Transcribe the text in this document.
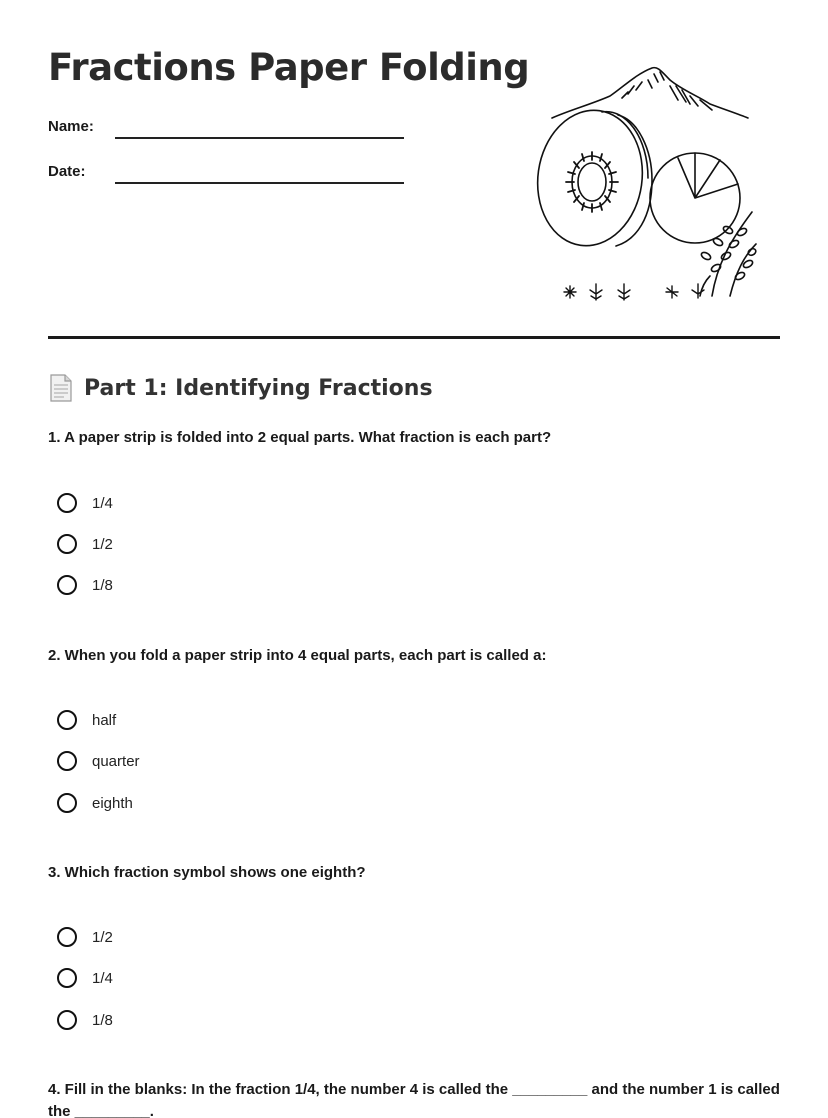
Fractions Paper Folding
Name:
Date:
Part 1: Identifying Fractions
1. A paper strip is folded into 2 equal parts. What fraction is each part?
1/4
1/2
1/8
2. When you fold a paper strip into 4 equal parts, each part is called a:
half
quarter
eighth
3. Which fraction symbol shows one eighth?
1/2
1/4
1/8
4. Fill in the blanks: In the fraction 1/4, the number 4 is called the _________ and the number 1 is called the _________.
